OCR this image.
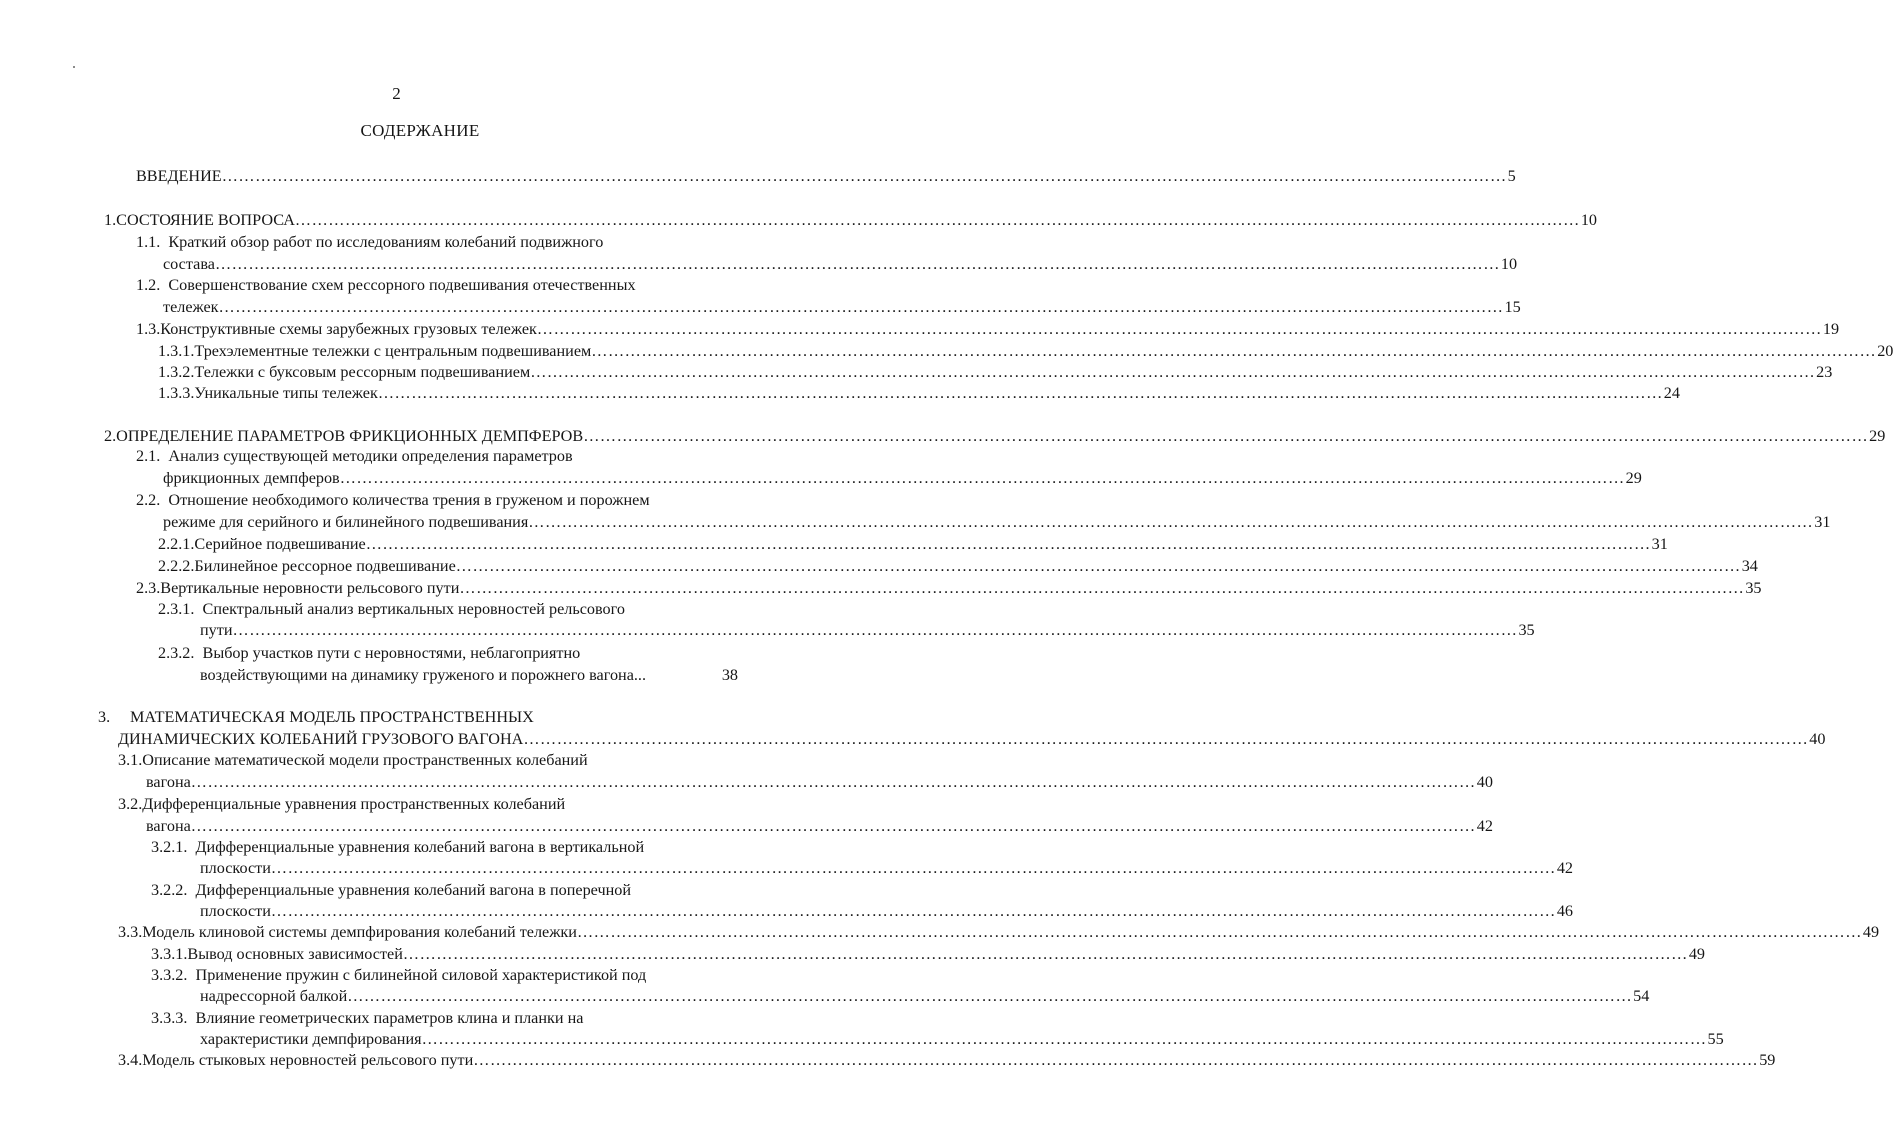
2
СОДЕРЖАНИЕ
ВВЕДЕНИЕ ……………………………………………………………………………………………………………………………………………………………………………………………………………	5
1. СОСТОЯНИЕ ВОПРОСА ……………………………………………………………………………………………………………………………………………………………………………………………………………	10
1.1. Краткий обзор работ по исследованиям колебаний подвижного
состава ……………………………………………………………………………………………………………………………………………………………………………………………………………	10
1.2. Совершенствование схем рессорного подвешивания отечественных
тележек ……………………………………………………………………………………………………………………………………………………………………………………………………………	15
1.3. Конструктивные схемы зарубежных грузовых тележек ……………………………………………………………………………………………………………………………………………………………………………………………………………	19
1.3.1. Трехэлементные тележки с центральным подвешиванием ……………………………………………………………………………………………………………………………………………………………………………………………………………	20
1.3.2. Тележки с буксовым рессорным подвешиванием ……………………………………………………………………………………………………………………………………………………………………………………………………………	23
1.3.3. Уникальные типы тележек ……………………………………………………………………………………………………………………………………………………………………………………………………………	24
2. ОПРЕДЕЛЕНИЕ ПАРАМЕТРОВ ФРИКЦИОННЫХ ДЕМПФЕРОВ ……………………………………………………………………………………………………………………………………………………………………………………………………………	29
2.1. Анализ существующей методики определения параметров
фрикционных демпферов ……………………………………………………………………………………………………………………………………………………………………………………………………………	29
2.2. Отношение необходимого количества трения в груженом и порожнем
режиме для серийного и билинейного подвешивания ……………………………………………………………………………………………………………………………………………………………………………………………………………	31
2.2.1. Серийное подвешивание ……………………………………………………………………………………………………………………………………………………………………………………………………………	31
2.2.2. Билинейное рессорное подвешивание ……………………………………………………………………………………………………………………………………………………………………………………………………………	34
2.3. Вертикальные неровности рельсового пути ……………………………………………………………………………………………………………………………………………………………………………………………………………	35
2.3.1. Спектральный анализ вертикальных неровностей рельсового
пути ……………………………………………………………………………………………………………………………………………………………………………………………………………	35
2.3.2. Выбор участков пути с неровностями, неблагоприятно
воздействующими на динамику груженого и порожнего вагона...	38
3. МАТЕМАТИЧЕСКАЯ МОДЕЛЬ ПРОСТРАНСТВЕННЫХ
ДИНАМИЧЕСКИХ КОЛЕБАНИЙ ГРУЗОВОГО ВАГОНА ……………………………………………………………………………………………………………………………………………………………………………………………………………	40
3.1.Описание математической модели пространственных колебаний
вагона ……………………………………………………………………………………………………………………………………………………………………………………………………………	40
3.2.Дифференциальные уравнения пространственных колебаний
вагона ……………………………………………………………………………………………………………………………………………………………………………………………………………	42
3.2.1. Дифференциальные уравнения колебаний вагона в вертикальной
плоскости ……………………………………………………………………………………………………………………………………………………………………………………………………………	42
3.2.2. Дифференциальные уравнения колебаний вагона в поперечной
плоскости ……………………………………………………………………………………………………………………………………………………………………………………………………………	46
3.3. Модель клиновой системы демпфирования колебаний тележки ……………………………………………………………………………………………………………………………………………………………………………………………………………	49
3.3.1. Вывод основных зависимостей ……………………………………………………………………………………………………………………………………………………………………………………………………………	49
3.3.2. Применение пружин с билинейной силовой характеристикой под
надрессорной балкой ……………………………………………………………………………………………………………………………………………………………………………………………………………	54
3.3.3. Влияние геометрических параметров клина и планки на
характеристики демпфирования ……………………………………………………………………………………………………………………………………………………………………………………………………………	55
3.4. Модель стыковых неровностей рельсового пути ……………………………………………………………………………………………………………………………………………………………………………………………………………	59
